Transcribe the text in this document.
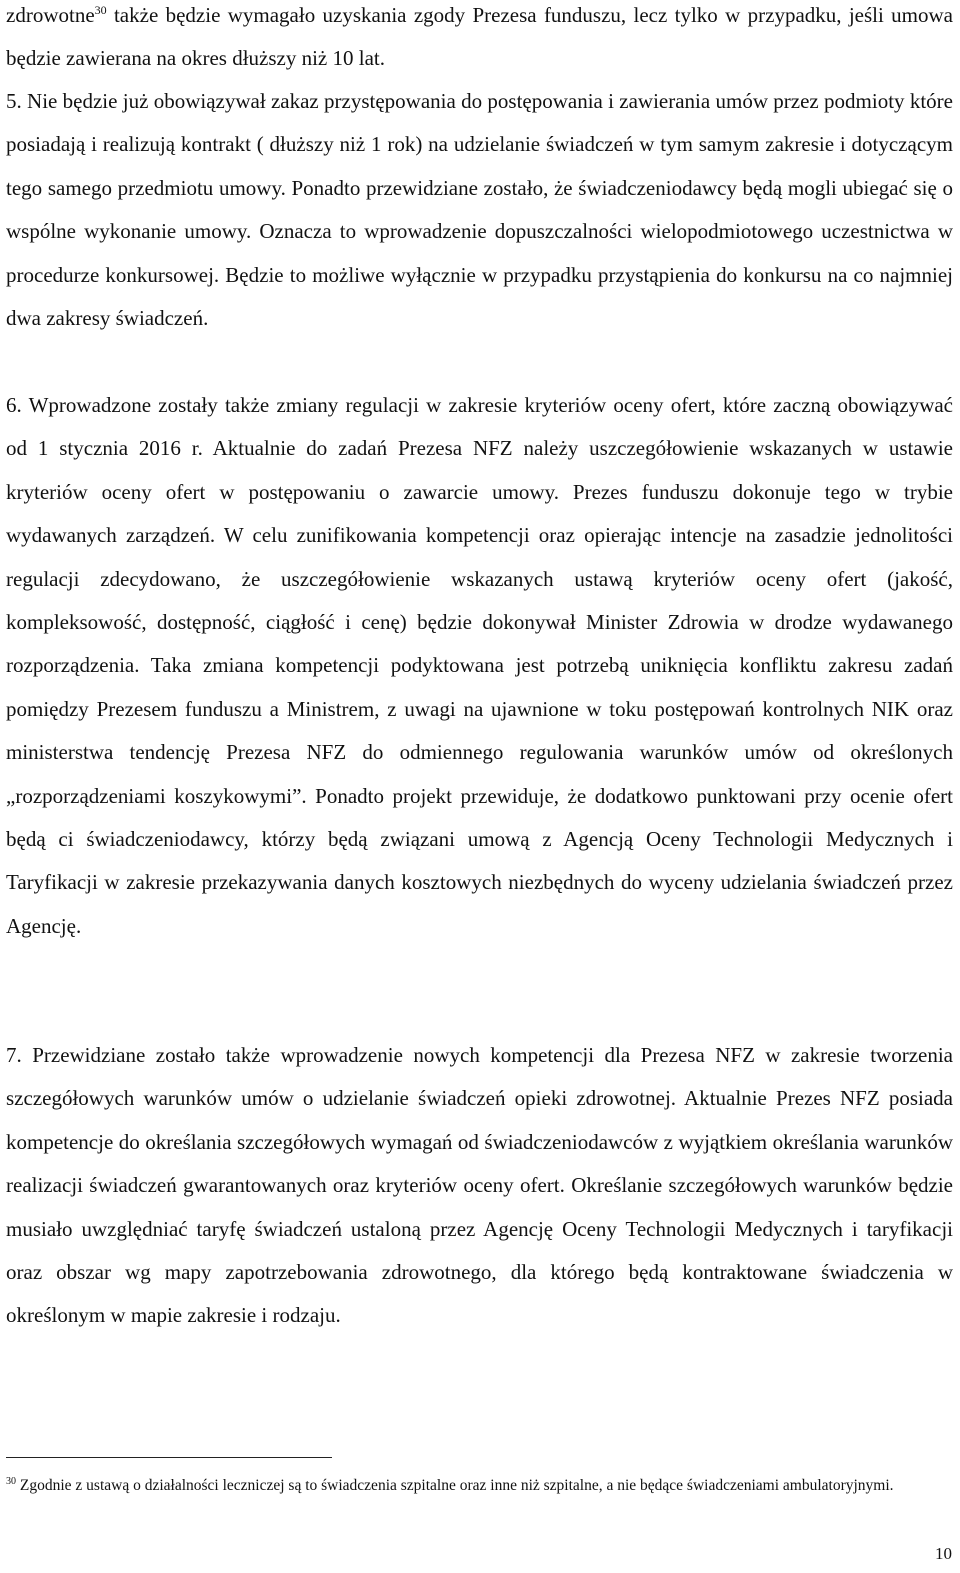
zdrowotne$^{30}$ także będzie wymagało uzyskania zgody Prezesa funduszu, lecz tylko w przypadku, jeśli umowa będzie zawierana na okres dłuższy niż 10 lat.

5. Nie będzie już obowiązywał zakaz przystępowania do postępowania i zawierania umów przez podmioty które posiadają i realizują kontrakt ( dłuższy niż 1 rok) na udzielanie świadczeń w tym samym zakresie i dotyczącym tego samego przedmiotu umowy. Ponadto przewidziane zostało, że świadczeniodawcy będą mogli ubiegać się o wspólne wykonanie umowy. Oznacza to wprowadzenie dopuszczalności wielopodmiotowego uczestnictwa w procedurze konkursowej. Będzie to możliwe wyłącznie w przypadku przystąpienia do konkursu na co najmniej dwa zakresy świadczeń.

6. Wprowadzone zostały także zmiany regulacji w zakresie kryteriów oceny ofert, które zaczną obowiązywać od 1 stycznia 2016 r. Aktualnie do zadań Prezesa NFZ należy uszczegółowienie wskazanych w ustawie kryteriów oceny ofert w postępowaniu o zawarcie umowy. Prezes funduszu dokonuje tego w trybie wydawanych zarządzeń. W celu zunifikowania kompetencji oraz opierając intencje na zasadzie jednolitości regulacji zdecydowano, że uszczegółowienie wskazanych ustawą kryteriów oceny ofert (jakość, kompleksowość, dostępność, ciągłość i cenę) będzie dokonywał Minister Zdrowia w drodze wydawanego rozporządzenia. Taka zmiana kompetencji podyktowana jest potrzebą uniknięcia konfliktu zakresu zadań pomiędzy Prezesem funduszu a Ministrem, z uwagi na ujawnione w toku postępowań kontrolnych NIK oraz ministerstwa tendencję Prezesa NFZ do odmiennego regulowania warunków umów od określonych „rozporządzeniami koszykowymi”. Ponadto projekt przewiduje, że dodatkowo punktowani przy ocenie ofert będą ci świadczeniodawcy, którzy będą związani umową z Agencją Oceny Technologii Medycznych i Taryfikacji w zakresie przekazywania danych kosztowych niezbędnych do wyceny udzielania świadczeń przez Agencję.

7. Przewidziane zostało także wprowadzenie nowych kompetencji dla Prezesa NFZ w zakresie tworzenia szczegółowych warunków umów o udzielanie świadczeń opieki zdrowotnej. Aktualnie Prezes NFZ posiada kompetencje do określania szczegółowych wymagań od świadczeniodawców z wyjątkiem określania warunków realizacji świadczeń gwarantowanych oraz kryteriów oceny ofert. Określanie szczegółowych warunków będzie musiało uwzględniać taryfę świadczeń ustaloną przez Agencję Oceny Technologii Medycznych i taryfikacji oraz obszar wg mapy zapotrzebowania zdrowotnego, dla którego będą kontraktowane świadczenia w określonym w mapie zakresie i rodzaju.

$^{30}$ Zgodnie z ustawą o działalności leczniczej są to świadczenia szpitalne oraz inne niż szpitalne, a nie będące świadczeniami ambulatoryjnymi.

10
